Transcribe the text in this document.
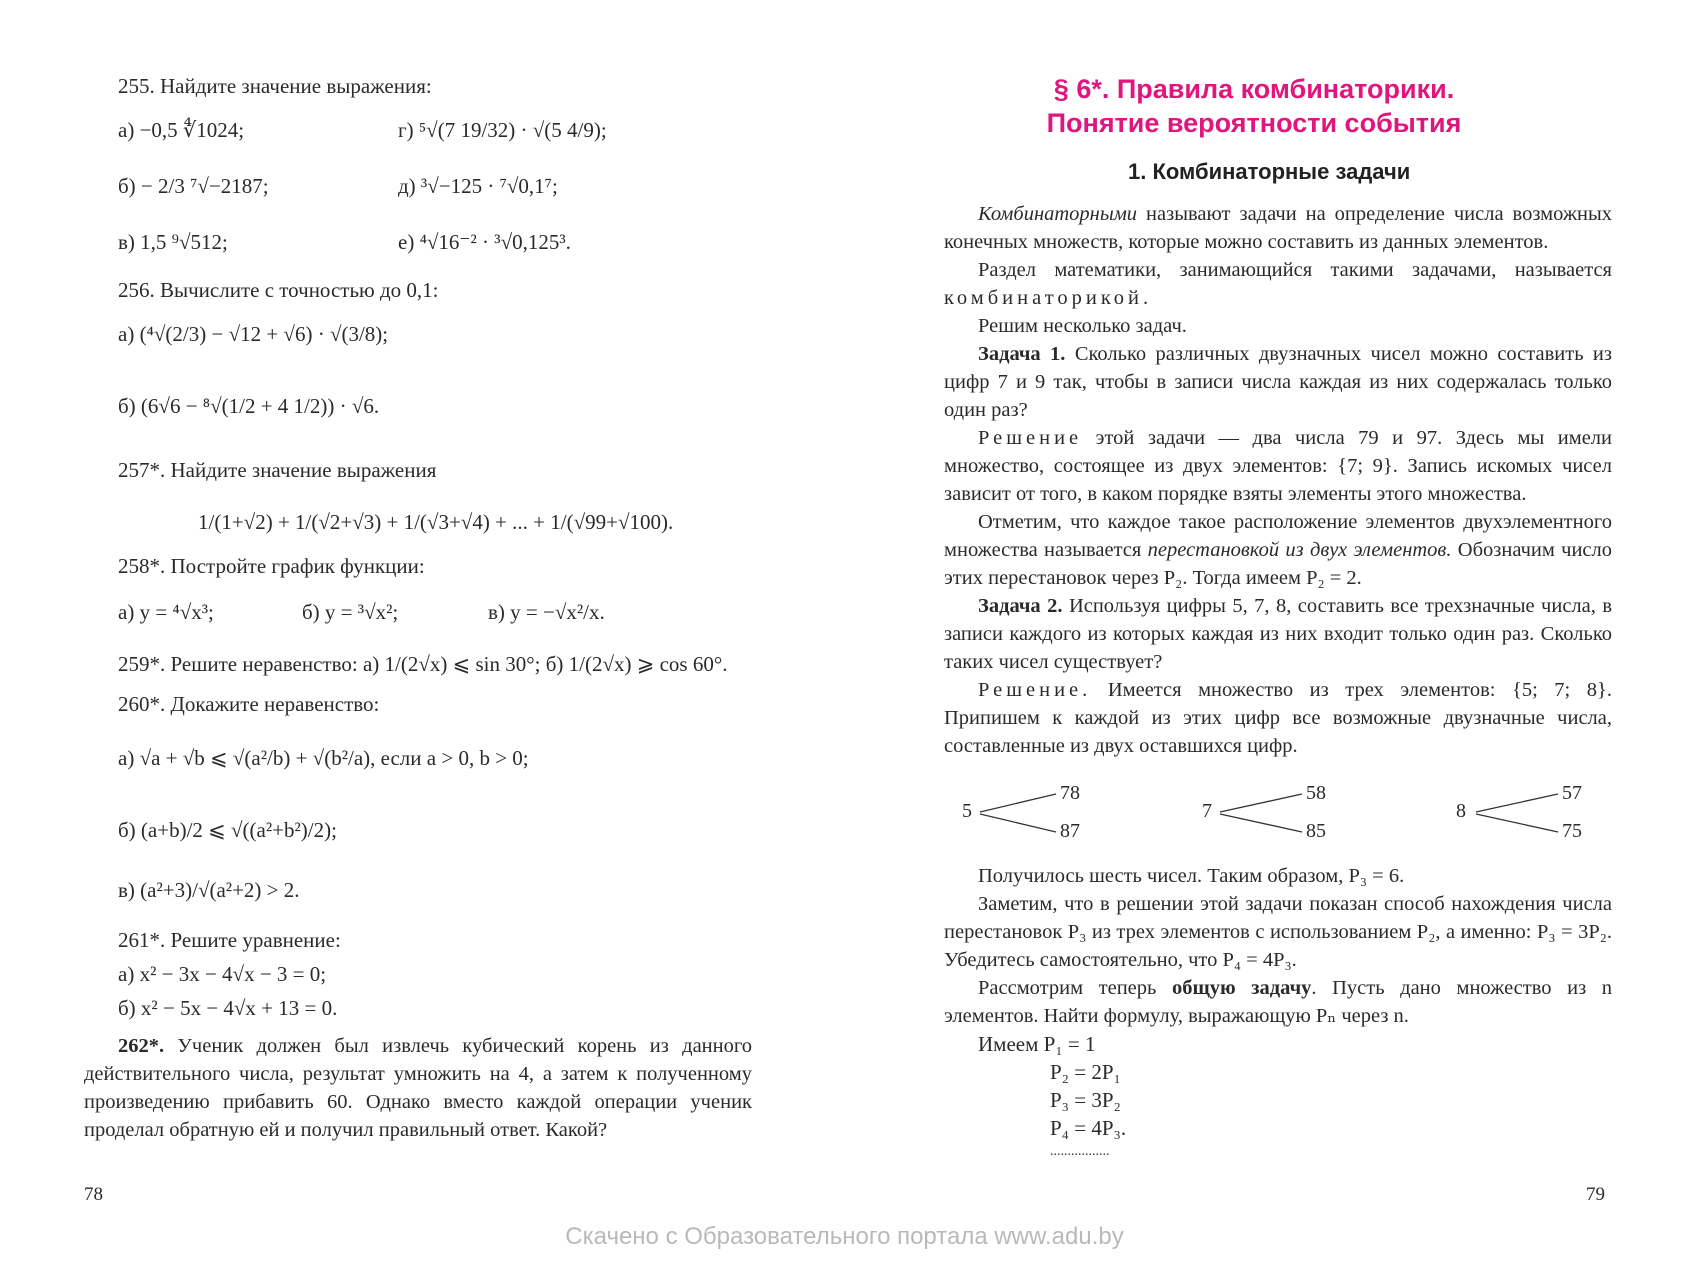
255. Найдите значение выражения:
а) −0,5 ∜1024;	г) ⁵√(7 19/32) · √(5 4/9);
б) − 2/3 ⁷√−2187;	д) ³√−125 · ⁷√0,1⁷;
в) 1,5 ⁹√512;	е) ⁴√16⁻² · ³√0,125³.
256. Вычислите с точностью до 0,1:
а) (⁴√(2/3) − √12 + √6) · √(3/8);
б) (6√6 − ⁸√(1/2 + 4 1/2)) · √6.
257*. Найдите значение выражения
1/(1+√2) + 1/(√2+√3) + 1/(√3+√4) + ... + 1/(√99+√100).
258*. Постройте график функции:
а) y = ⁴√x³;	б) y = ³√x²;	в) y = −√x²/x.
259*. Решите неравенство: а) 1/(2√x) ⩽ sin 30°; б) 1/(2√x) ⩾ cos 60°.
260*. Докажите неравенство:
а) √a + √b ⩽ √(a²/b) + √(b²/a), если a > 0, b > 0;
б) (a+b)/2 ⩽ √((a²+b²)/2);
в) (a²+3)/√(a²+2) > 2.
261*. Решите уравнение:
а) x² − 3x − 4√x − 3 = 0;
б) x² − 5x − 4√x + 13 = 0.
262*. Ученик должен был извлечь кубический корень из данного действительного числа, результат умножить на 4, а затем к полученному произведению прибавить 60. Однако вместо каждой операции ученик проделал обратную ей и получил правильный ответ. Какой?
78
§ 6*. Правила комбинаторики.
Понятие вероятности события
1. Комбинаторные задачи
Комбинаторными называют задачи на определение числа возможных конечных множеств, которые можно составить из данных элементов.
Раздел математики, занимающийся такими задачами, называется комбинаторикой.
Решим несколько задач.
Задача 1. Сколько различных двузначных чисел можно составить из цифр 7 и 9 так, чтобы в записи числа каждая из них содержалась только один раз?
Решение этой задачи — два числа 79 и 97. Здесь мы имели множество, состоящее из двух элементов: {7; 9}. Запись искомых чисел зависит от того, в каком порядке взяты элементы этого множества.
Отметим, что каждое такое расположение элементов двухэлементного множества называется перестановкой из двух элементов. Обозначим число этих перестановок через P₂. Тогда имеем P₂ = 2.
Задача 2. Используя цифры 5, 7, 8, составить все трехзначные числа, в записи каждого из которых каждая из них входит только один раз. Сколько таких чисел существует?
Решение. Имеется множество из трех элементов: {5; 7; 8}. Припишем к каждой из этих цифр все возможные двузначные числа, составленные из двух оставшихся цифр.
5
78
87
7
58
85
8
57
75
Получилось шесть чисел. Таким образом, P₃ = 6.
Заметим, что в решении этой задачи показан способ нахождения числа перестановок P₃ из трех элементов с использованием P₂, а именно: P₃ = 3P₂. Убедитесь самостоятельно, что P₄ = 4P₃.
Рассмотрим теперь общую задачу. Пусть дано множество из n элементов. Найти формулу, выражающую Pₙ через n.
Имеем P₁ = 1
P₂ = 2P₁
P₃ = 3P₂
P₄ = 4P₃.
.................
79
Скачено с Образовательного портала www.adu.by
